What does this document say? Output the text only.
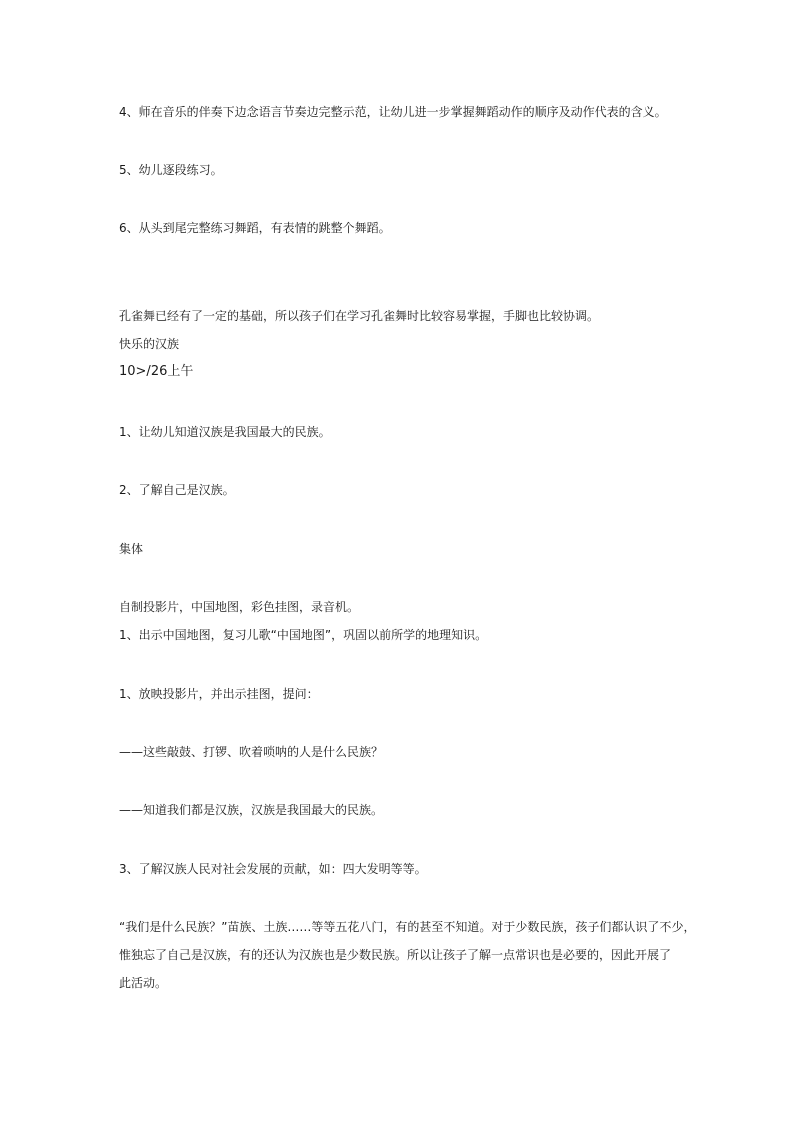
4、师在音乐的伴奏下边念语言节奏边完整示范，让幼儿进一步掌握舞蹈动作的顺序及动作代表的含义。
5、幼儿逐段练习。
6、从头到尾完整练习舞蹈，有表情的跳整个舞蹈。
孔雀舞已经有了一定的基础，所以孩子们在学习孔雀舞时比较容易掌握，手脚也比较协调。
快乐的汉族
10>/26上午
1、让幼儿知道汉族是我国最大的民族。
2、了解自己是汉族。
集体
自制投影片，中国地图，彩色挂图，录音机。
1、出示中国地图，复习儿歌“中国地图”，巩固以前所学的地理知识。
1、放映投影片，并出示挂图，提问：
——这些敲鼓、打锣、吹着唢呐的人是什么民族？
——知道我们都是汉族，汉族是我国最大的民族。
3、了解汉族人民对社会发展的贡献，如：四大发明等等。
“我们是什么民族？”苗族、土族……等等五花八门，有的甚至不知道。对于少数民族，孩子们都认识了不少，
惟独忘了自己是汉族，有的还认为汉族也是少数民族。所以让孩子了解一点常识也是必要的，因此开展了
此活动。
